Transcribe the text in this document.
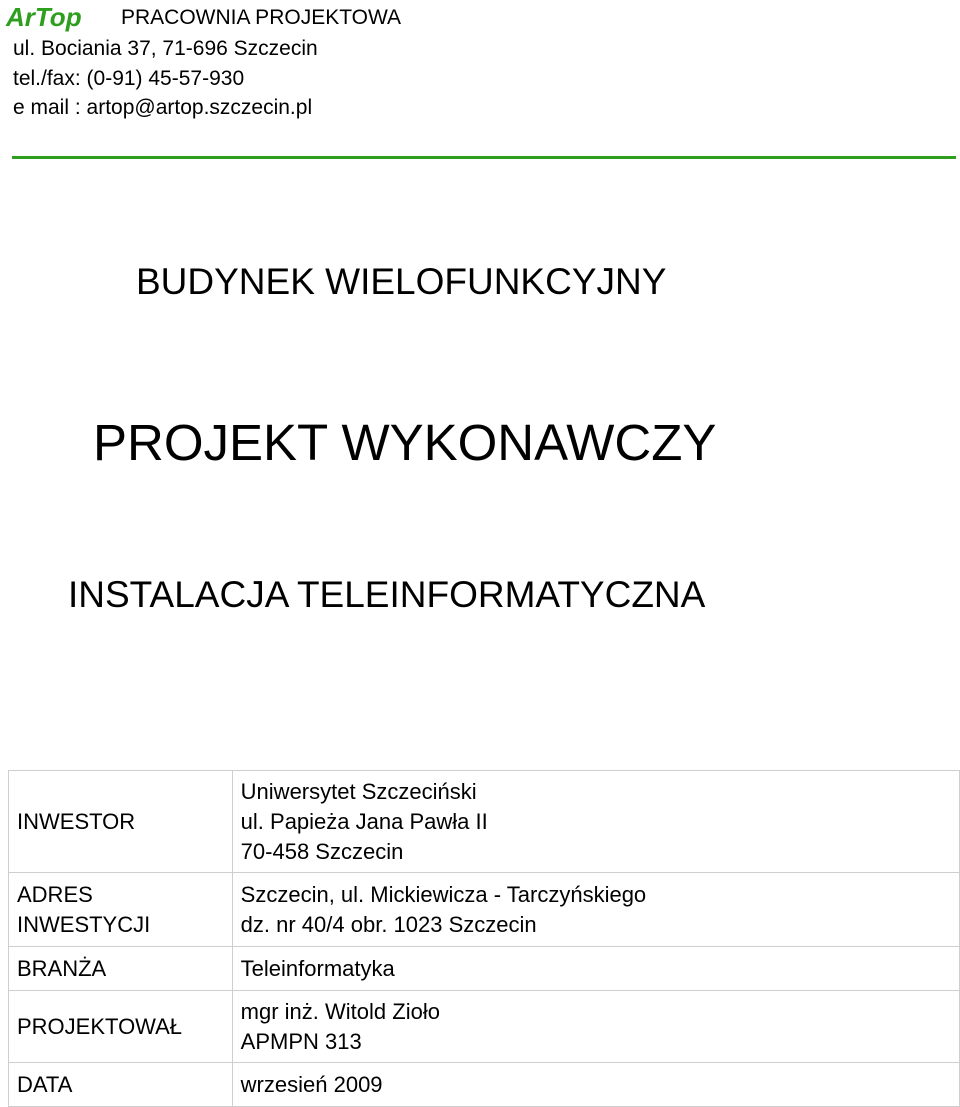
ArTop PRACOWNIA PROJEKTOWA
ul. Bociania 37, 71-696 Szczecin
tel./fax: (0-91) 45-57-930
e mail : artop@artop.szczecin.pl
BUDYNEK WIELOFUNKCYJNY
PROJEKT WYKONAWCZY
INSTALACJA TELEINFORMATYCZNA
INWESTOR	Uniwersytet Szczeciński
ul. Papieża Jana Pawła II
70-458 Szczecin

ADRES
INWESTYCJI	Szczecin, ul. Mickiewicza - Tarczyńskiego
dz. nr 40/4 obr. 1023 Szczecin

BRANŻA	Teleinformatyka
PROJEKTOWAŁ	mgr inż. Witold Zioło
APMPN 313

DATA	wrzesień 2009
